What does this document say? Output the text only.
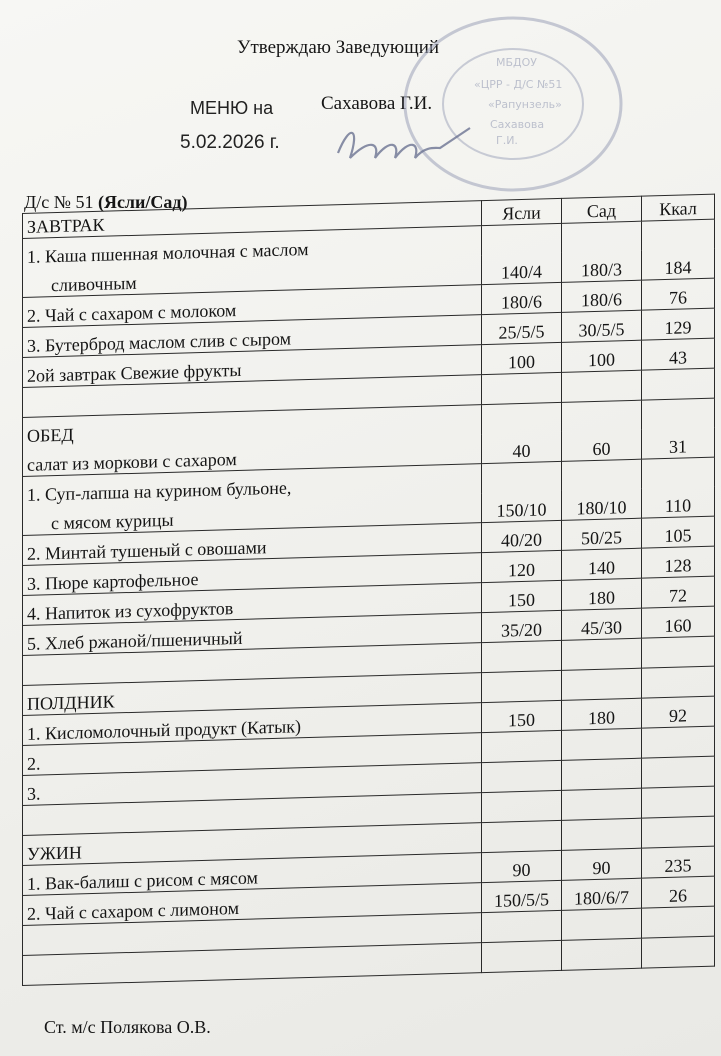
Утверждаю Заведующий

Сахавова Г.И.

МБДОУ
«ЦРР - Д/С №51
«Рапунзель»
Сахавова
Г.И.
МЕНЮ на
5.02.2026 г.
Д/с № 51 (Ясли/Сад)
ЗАВТРАК	Ясли	Сад	Ккал
1. Каша пшенная молочная с маслом			
сливочным	140/4	180/3	184
2. Чай с сахаром с молоком	180/6	180/6	76
3. Бутерброд маслом слив с сыром	25/5/5	30/5/5	129
2ой завтрак Свежие фрукты	100	100	43

ОБЕД			
салат из моркови с сахаром	40	60	31
1. Суп-лапша на курином бульоне,			
с мясом курицы	150/10	180/10	110
2. Минтай тушеный с овошами	40/20	50/25	105
3. Пюре картофельное	120	140	128
4. Напиток из сухофруктов	150	180	72
5. Хлеб ржаной/пшеничный	35/20	45/30	160

ПОЛДНИК			
1. Кисломолочный продукт (Катык)	150	180	92
2.			
3.			

УЖИН			
1. Вак-балиш с рисом с мясом	90	90	235
2. Чай с сахаром с лимоном	150/5/5	180/6/7	26

Ст. м/с Полякова О.В.
